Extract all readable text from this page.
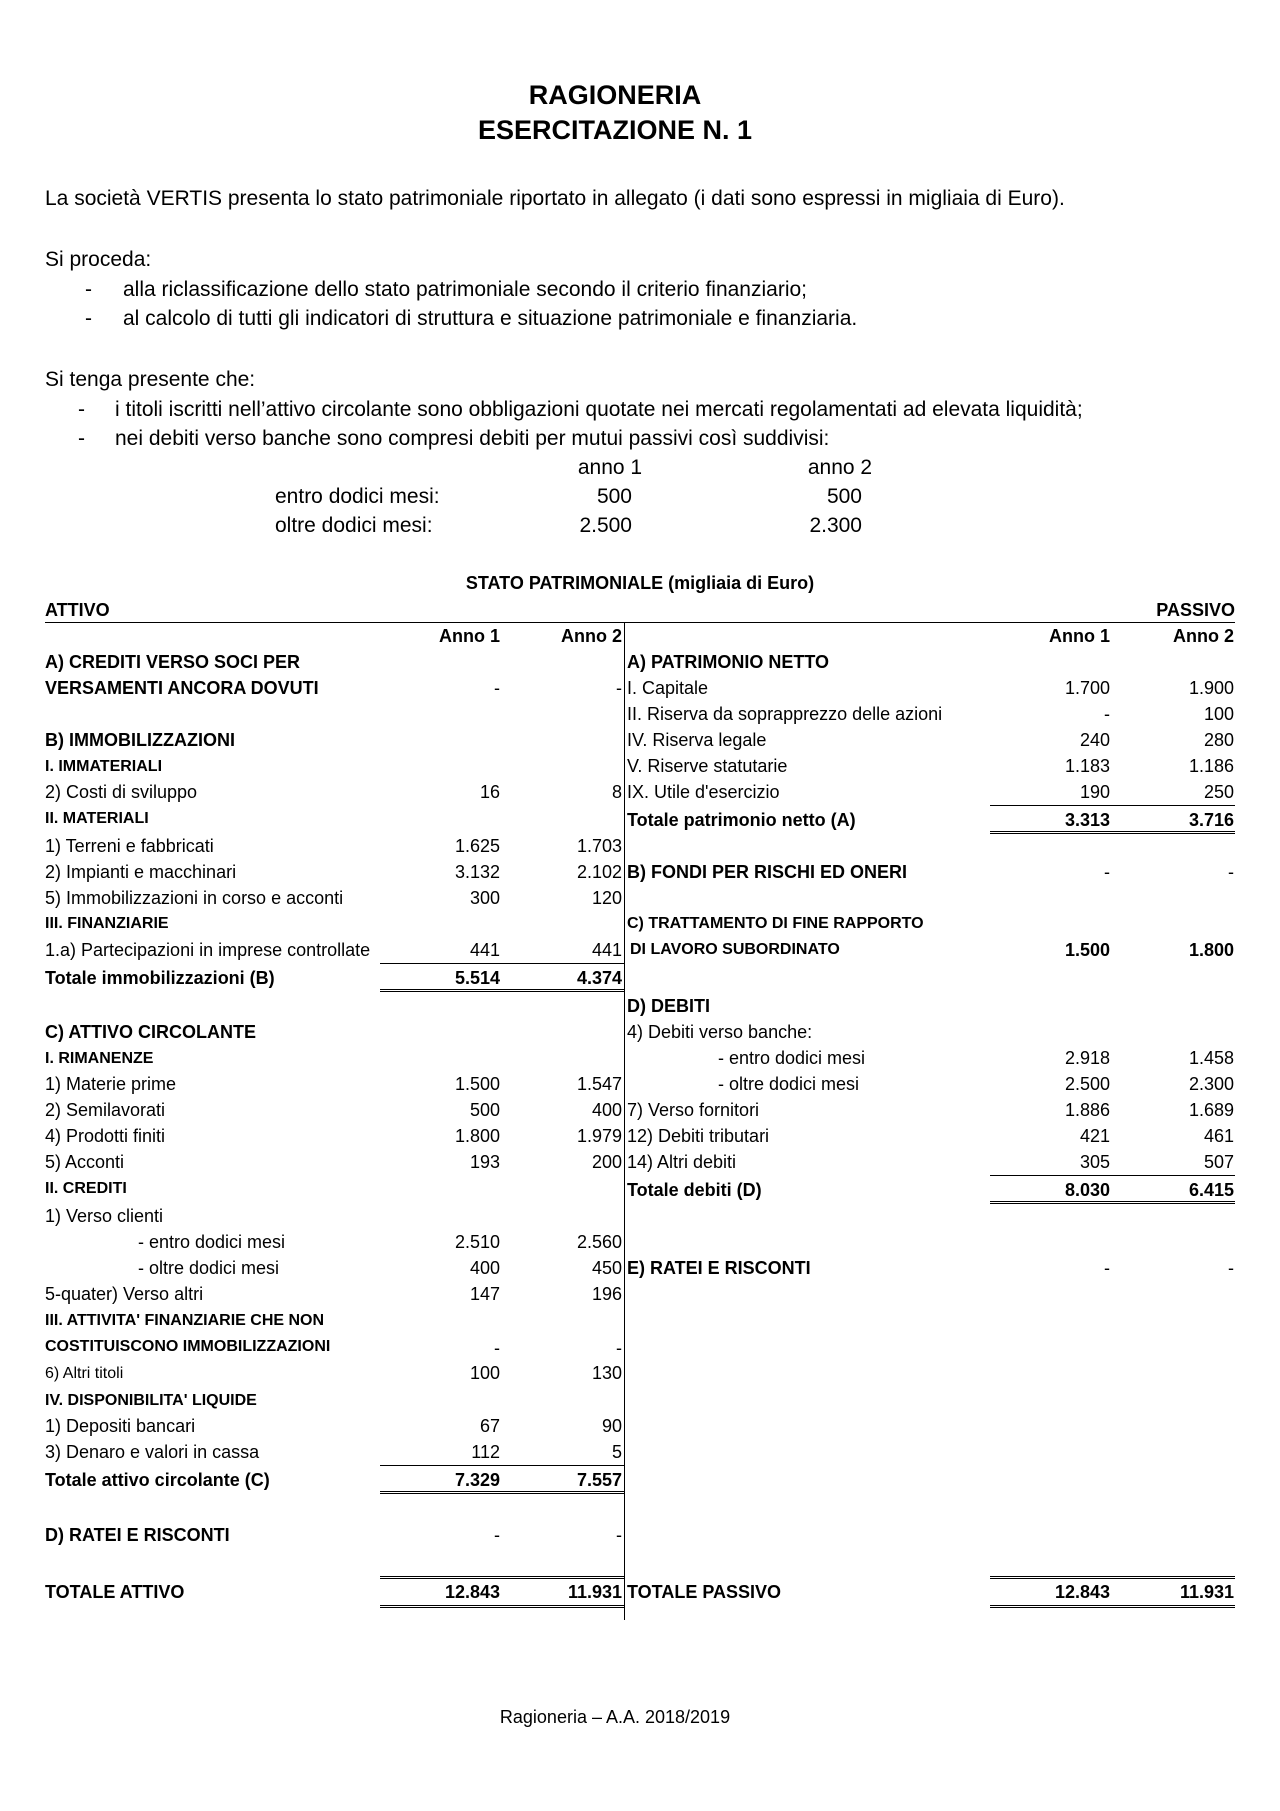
RAGIONERIA
ESERCITAZIONE N. 1
La società VERTIS presenta lo stato patrimoniale riportato in allegato (i dati sono espressi in migliaia di Euro).
Si proceda:
- alla riclassificazione dello stato patrimoniale secondo il criterio finanziario;
- al calcolo di tutti gli indicatori di struttura e situazione patrimoniale e finanziaria.
Si tenga presente che:
- i titoli iscritti nell’attivo circolante sono obbligazioni quotate nei mercati regolamentati ad elevata liquidità;
- nei debiti verso banche sono compresi debiti per mutui passivi così suddivisi:
anno 1	anno 2
entro dodici mesi:	500	500
oltre dodici mesi:	2.500	2.300
STATO PATRIMONIALE (migliaia di Euro)
ATTIVO	PASSIVO
Anno 1	Anno 2	Anno 1	Anno 2
A) CREDITI VERSO SOCI PER
VERSAMENTI ANCORA DOVUTI	-	-
B) IMMOBILIZZAZIONI
I. IMMATERIALI
2) Costi di sviluppo	16	8
II. MATERIALI
1) Terreni e fabbricati	1.625	1.703
2) Impianti e macchinari	3.132	2.102
5) Immobilizzazioni in corso e acconti	300	120
III. FINANZIARIE
1.a) Partecipazioni in imprese controllate	441	441
Totale immobilizzazioni (B)	5.514	4.374
C) ATTIVO CIRCOLANTE
I. RIMANENZE
1) Materie prime	1.500	1.547
2) Semilavorati	500	400
4) Prodotti finiti	1.800	1.979
5) Acconti	193	200
II. CREDITI
1) Verso clienti
- entro dodici mesi	2.510	2.560
- oltre dodici mesi	400	450
5-quater) Verso altri	147	196
III. ATTIVITA' FINANZIARIE CHE NON
COSTITUISCONO IMMOBILIZZAZIONI	-	-
6) Altri titoli	100	130
IV. DISPONIBILITA' LIQUIDE
1) Depositi bancari	67	90
3) Denaro e valori in cassa	112	5
Totale attivo circolante (C)	7.329	7.557
D) RATEI E RISCONTI	-	-
TOTALE ATTIVO	12.843	11.931
A) PATRIMONIO NETTO
I. Capitale	1.700	1.900
II. Riserva da soprapprezzo delle azioni	-	100
IV. Riserva legale	240	280
V. Riserve statutarie	1.183	1.186
IX. Utile d'esercizio	190	250
Totale patrimonio netto (A)	3.313	3.716
B) FONDI PER RISCHI ED ONERI	-	-
C) TRATTAMENTO DI FINE RAPPORTO
DI LAVORO SUBORDINATO	1.500	1.800
D) DEBITI
4) Debiti verso banche:
- entro dodici mesi	2.918	1.458
- oltre dodici mesi	2.500	2.300
7) Verso fornitori	1.886	1.689
12) Debiti tributari	421	461
14) Altri debiti	305	507
Totale debiti (D)	8.030	6.415
E) RATEI E RISCONTI	-	-
TOTALE PASSIVO	12.843	11.931
Ragioneria – A.A. 2018/2019
